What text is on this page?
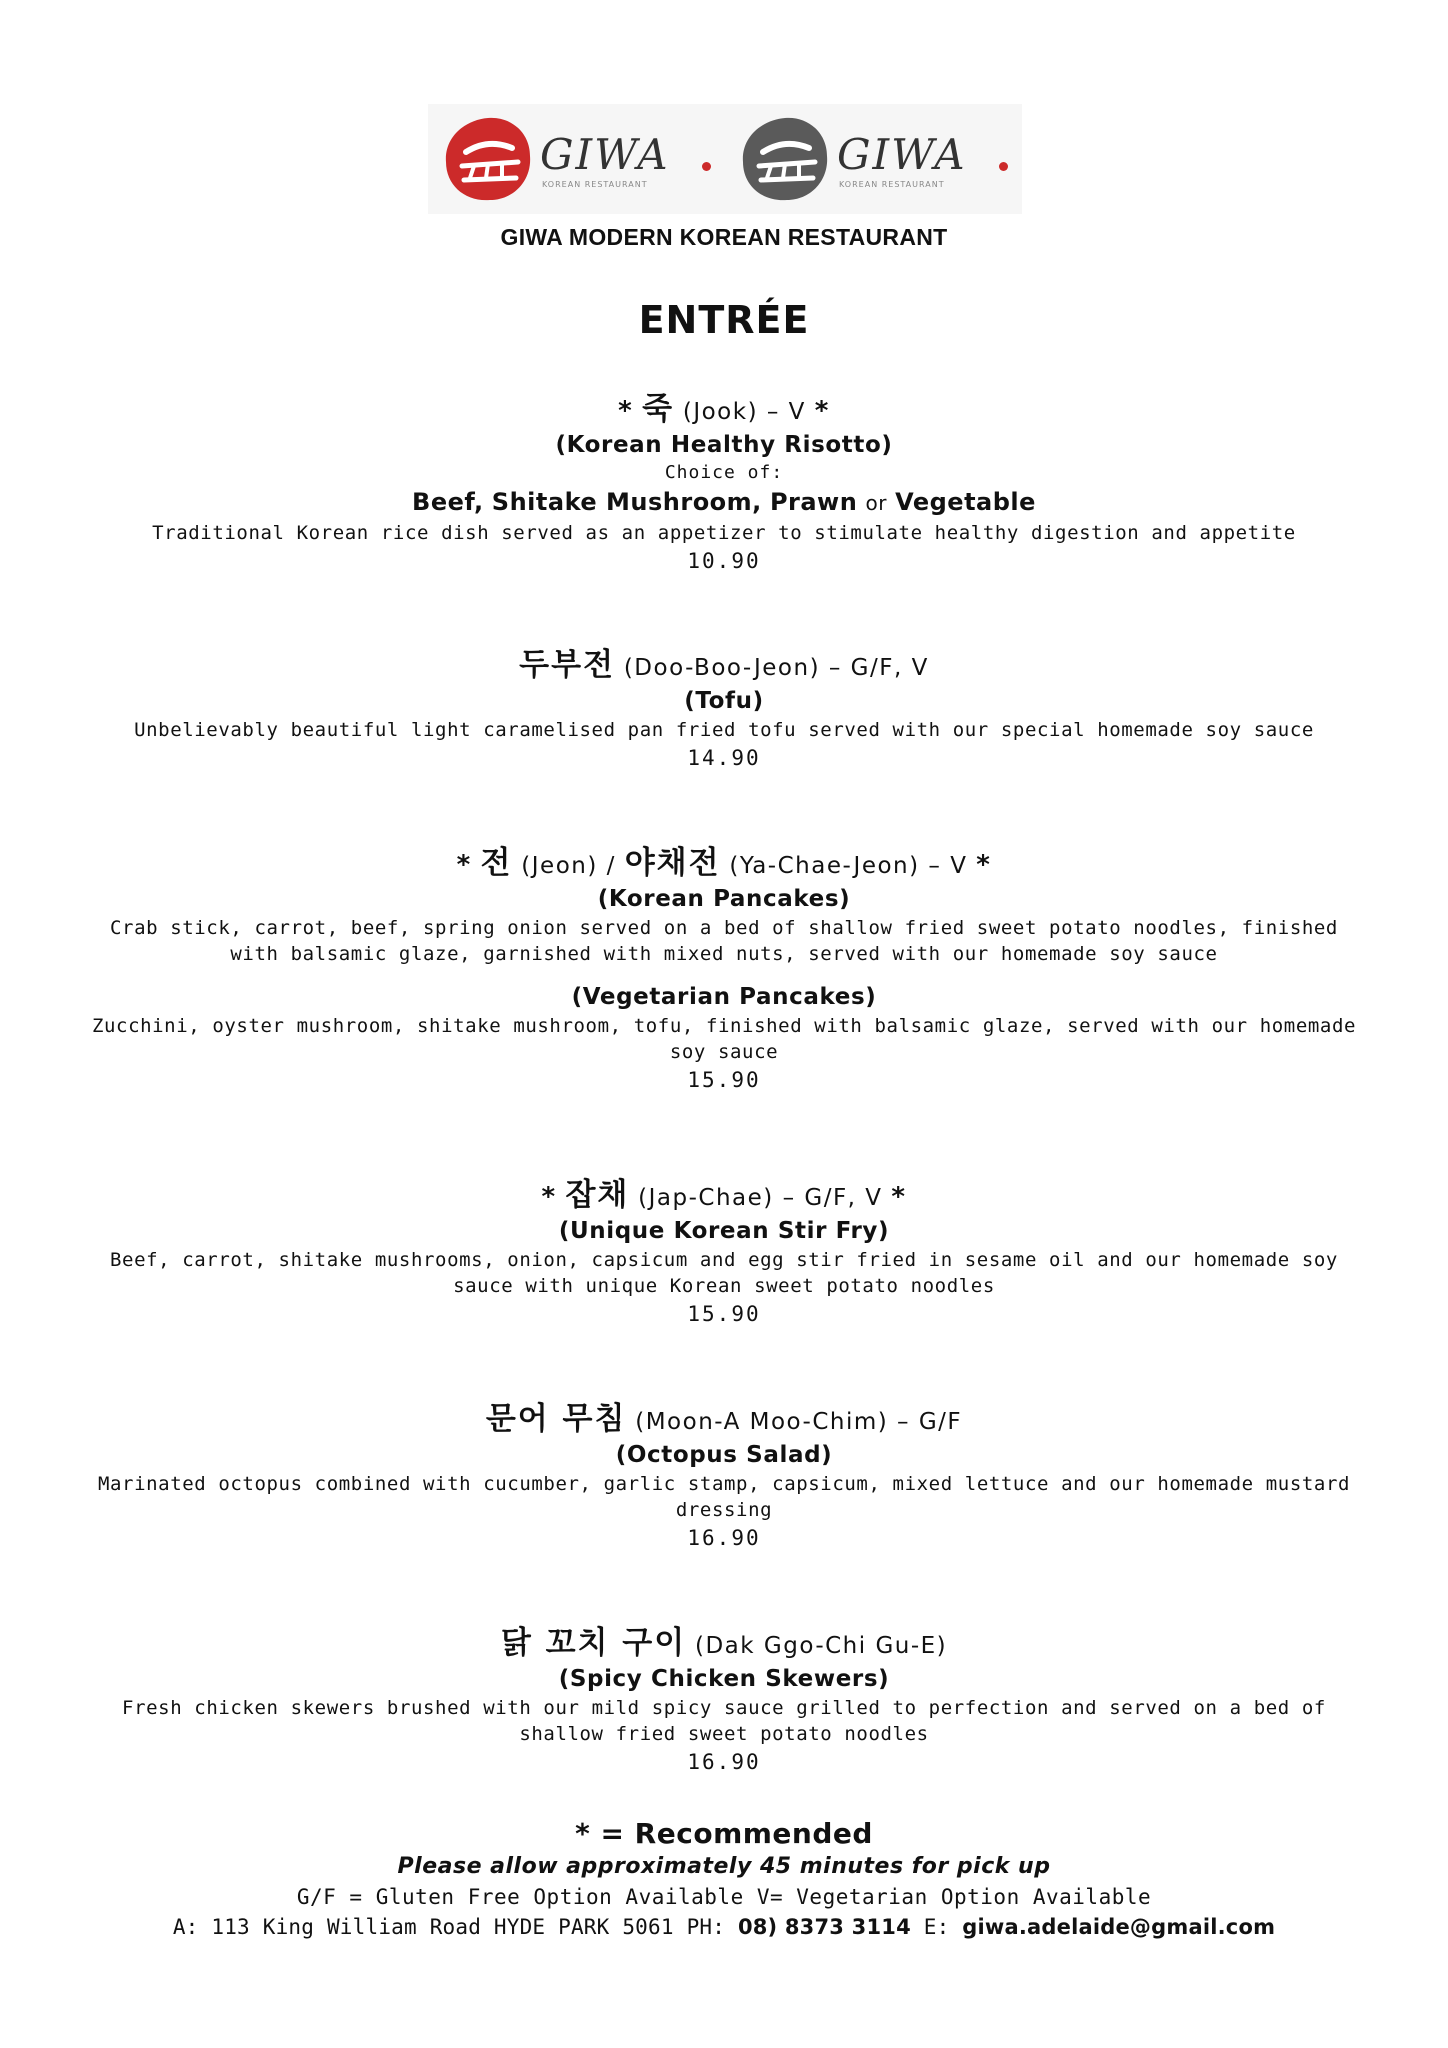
GIWA
KOREAN RESTAURANT
GIWA
KOREAN RESTAURANT
GIWA MODERN KOREAN RESTAURANT
ENTRÉE
* 죽 (Jook) – V *
(Korean Healthy Risotto)
Choice of:
Beef, Shitake Mushroom, Prawn or Vegetable
Traditional Korean rice dish served as an appetizer to stimulate healthy digestion and appetite
10.90
두부전 (Doo-Boo-Jeon) – G/F, V
(Tofu)
Unbelievably beautiful light caramelised pan fried tofu served with our special homemade soy sauce
14.90
* 전 (Jeon) / 야채전 (Ya-Chae-Jeon) – V *
(Korean Pancakes)
Crab stick, carrot, beef, spring onion served on a bed of shallow fried sweet potato noodles, finished with balsamic glaze, garnished with mixed nuts, served with our homemade soy sauce
(Vegetarian Pancakes)
Zucchini, oyster mushroom, shitake mushroom, tofu, finished with balsamic glaze, served with our homemade soy sauce
15.90
* 잡채 (Jap-Chae) – G/F, V *
(Unique Korean Stir Fry)
Beef, carrot, shitake mushrooms, onion, capsicum and egg stir fried in sesame oil and our homemade soy sauce with unique Korean sweet potato noodles
15.90
문어 무침 (Moon-A Moo-Chim) – G/F
(Octopus Salad)
Marinated octopus combined with cucumber, garlic stamp, capsicum, mixed lettuce and our homemade mustard dressing
16.90
닭 꼬치 구이 (Dak Ggo-Chi Gu-E)
(Spicy Chicken Skewers)
Fresh chicken skewers brushed with our mild spicy sauce grilled to perfection and served on a bed of shallow fried sweet potato noodles
16.90
* = Recommended
Please allow approximately 45 minutes for pick up
G/F = Gluten Free Option Available V= Vegetarian Option Available
A: 113 King William Road HYDE PARK 5061 PH: 08) 8373 3114 E: giwa.adelaide@gmail.com
